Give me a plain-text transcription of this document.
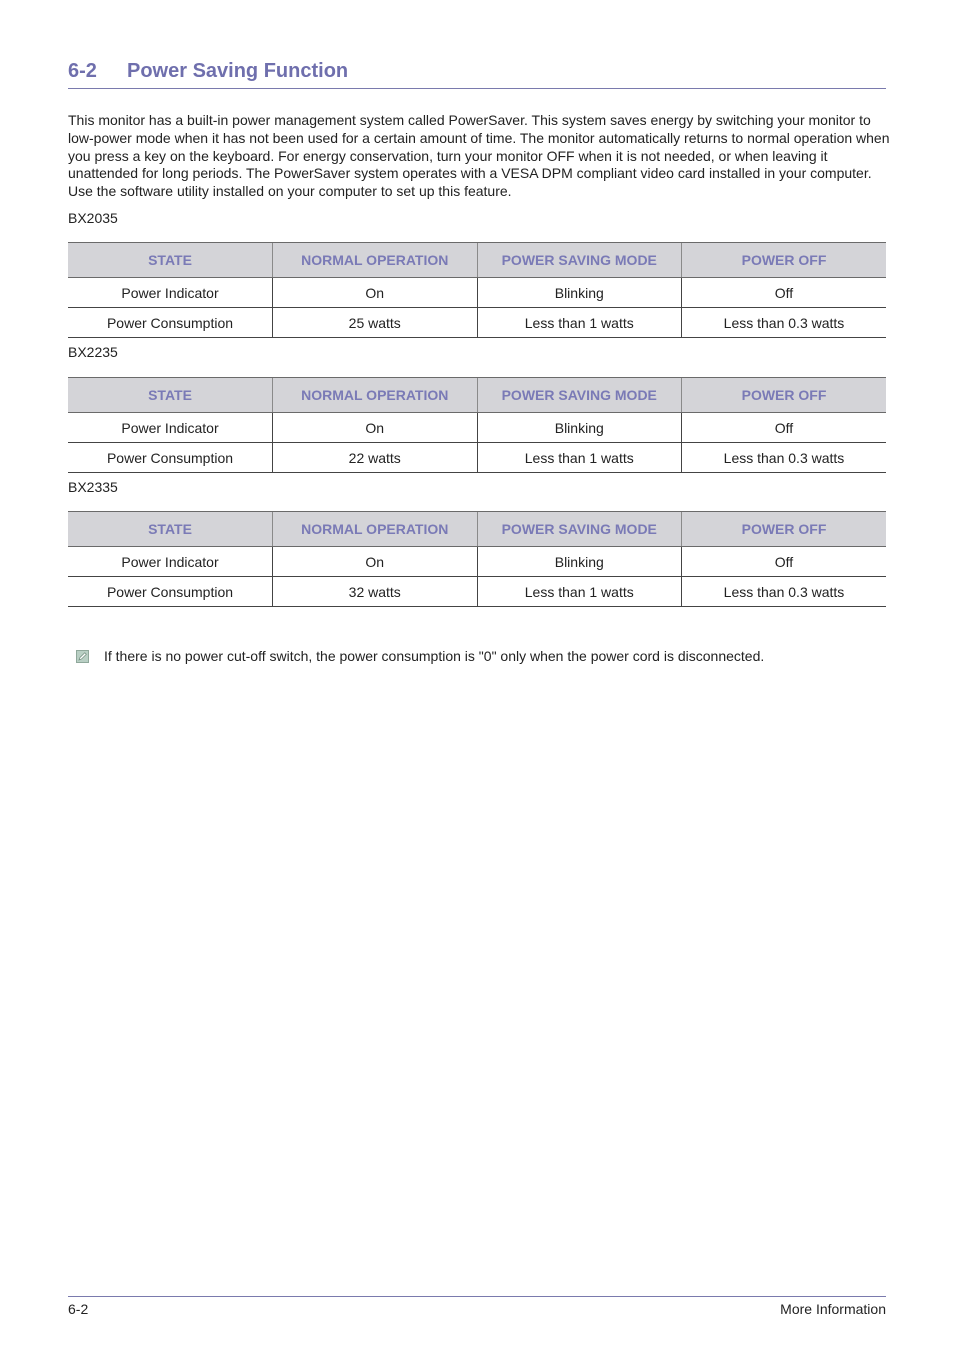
6-2 Power Saving Function

This monitor has a built-in power management system called PowerSaver. This system saves energy by switching your monitor to low-power mode when it has not been used for a certain amount of time. The monitor automatically returns to normal operation when you press a key on the keyboard. For energy conservation, turn your monitor OFF when it is not needed, or when leaving it unattended for long periods. The PowerSaver system operates with a VESA DPM compliant video card installed in your computer. Use the software utility installed on your computer to set up this feature.

BX2035
STATE	NORMAL OPERATION	POWER SAVING MODE	POWER OFF
Power Indicator	On	Blinking	Off
Power Consumption	25 watts	Less than 1 watts	Less than 0.3 watts
BX2235
STATE	NORMAL OPERATION	POWER SAVING MODE	POWER OFF
Power Indicator	On	Blinking	Off
Power Consumption	22 watts	Less than 1 watts	Less than 0.3 watts
BX2335
STATE	NORMAL OPERATION	POWER SAVING MODE	POWER OFF
Power Indicator	On	Blinking	Off
Power Consumption	32 watts	Less than 1 watts	Less than 0.3 watts
If there is no power cut-off switch, the power consumption is "0" only when the power cord is disconnected.
6-2	More Information
